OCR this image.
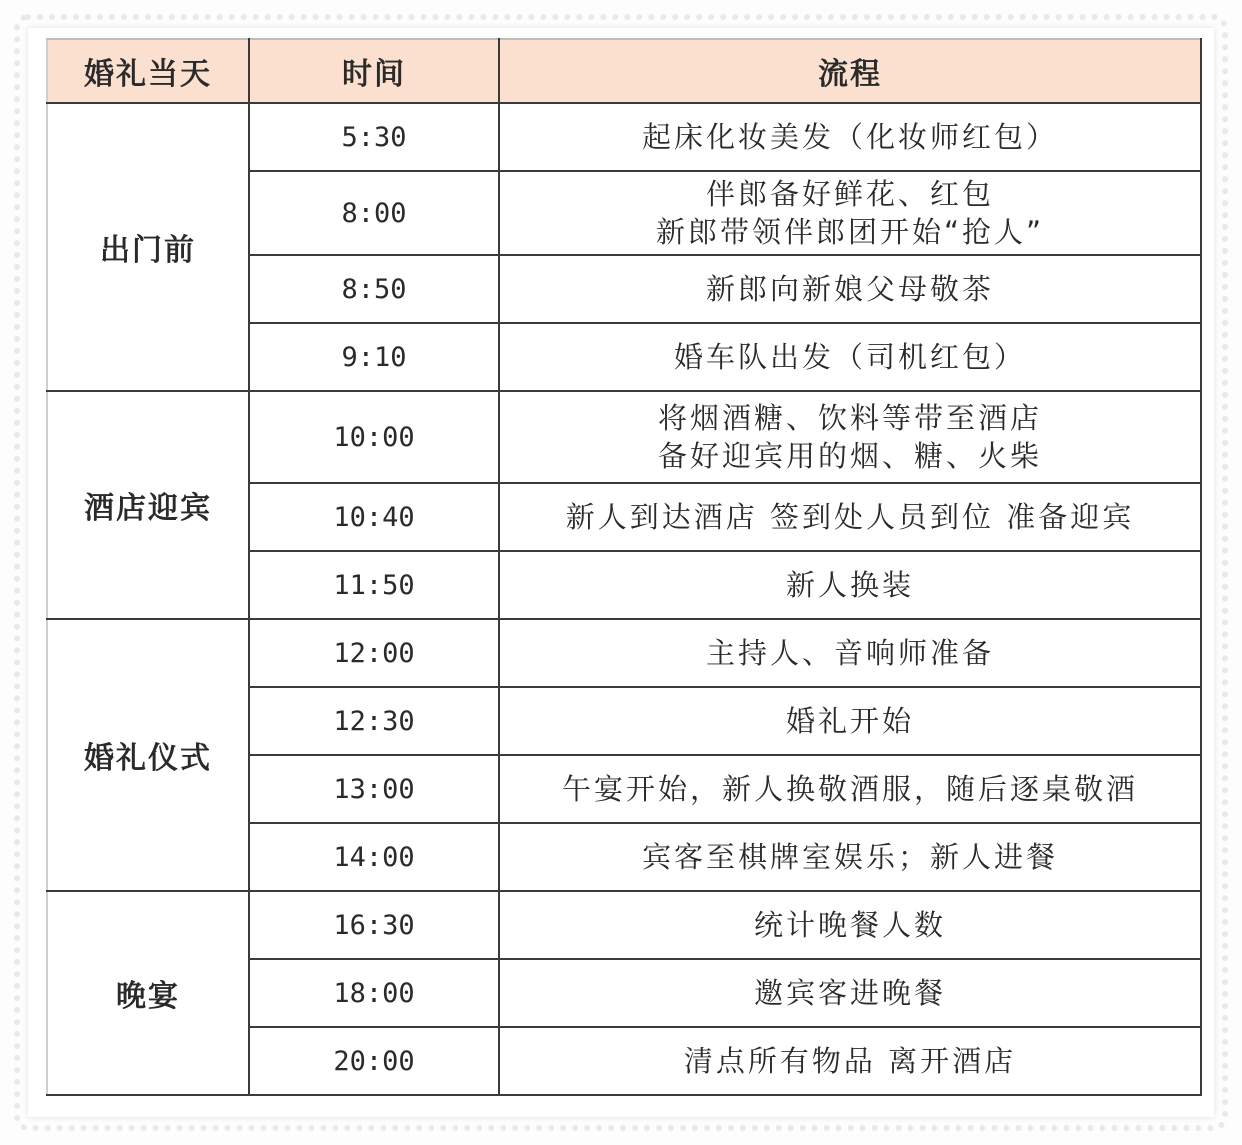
婚礼当天	时间	流程
出门前	5:30	起床化妆美发（化妆师红包）

	8:00	伴郎备好鲜花、红包
新郎带领伴郎团开始“抢人”

	8:50	新郎向新娘父母敬茶

	9:10	婚车队出发（司机红包）

酒店迎宾	10:00	将烟酒糖、饮料等带至酒店
备好迎宾用的烟、糖、火柴

	10:40	新人到达酒店 签到处人员到位 准备迎宾

	11:50	新人换装

婚礼仪式	12:00	主持人、音响师准备

	12:30	婚礼开始

	13:00	午宴开始，新人换敬酒服，随后逐桌敬酒

	14:00	宾客至棋牌室娱乐；新人进餐

晚宴	16:30	统计晚餐人数

	18:00	邀宾客进晚餐

	20:00	清点所有物品 离开酒店
